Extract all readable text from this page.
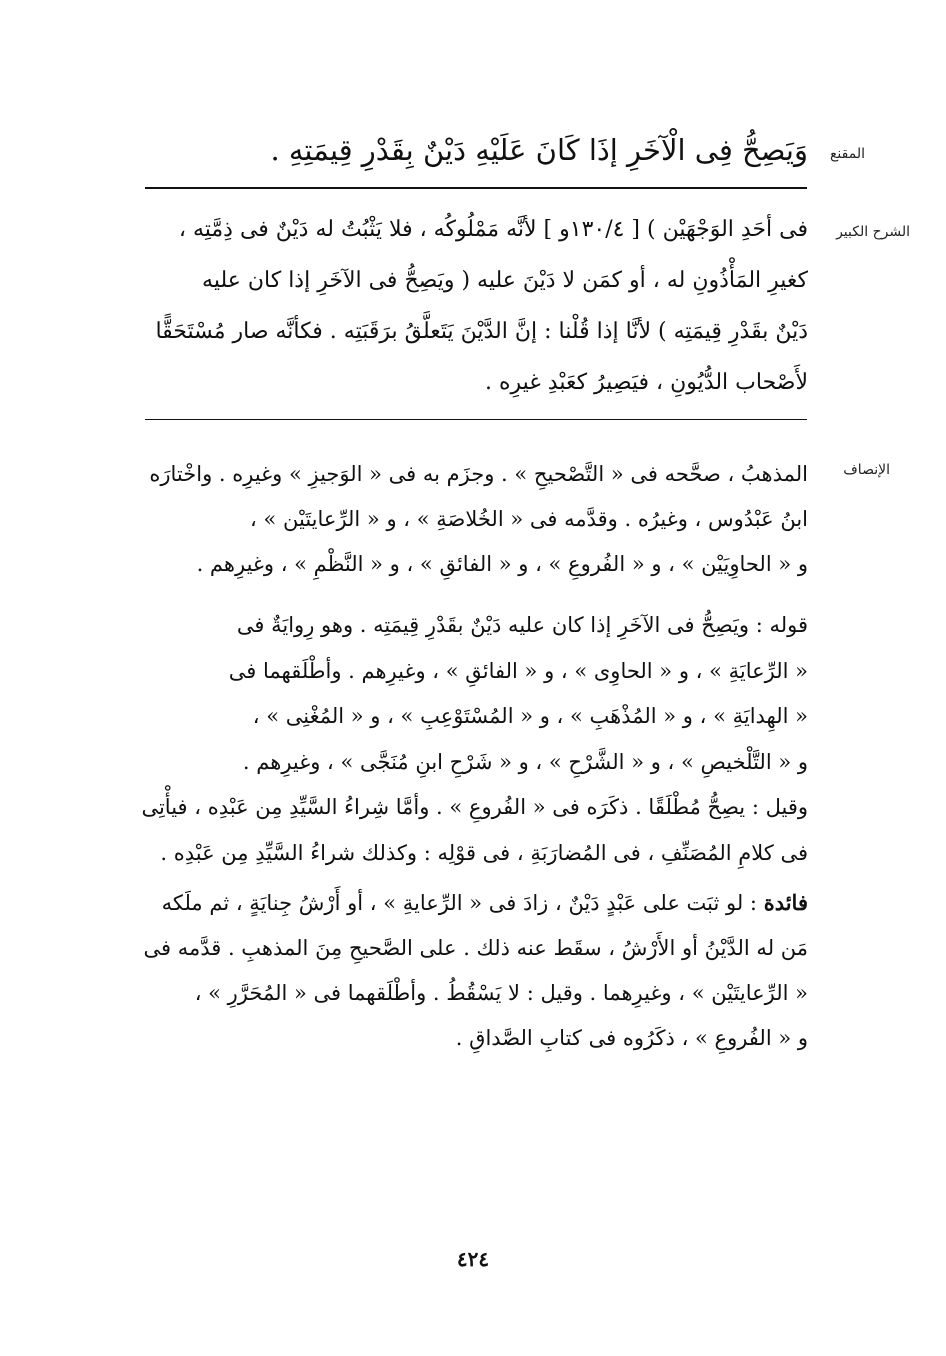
المقنع
الشرح الكبير
الإنصاف
وَيَصِحُّ فِى الْآخَرِ إذَا كَانَ عَلَيْهِ دَيْنٌ بِقَدْرِ قِيمَتِهِ .
فى أحَدِ الوَجْهَيْن ) [ ١٣٠/٤و ] لأنَّه مَمْلُوكُه ، فلا يَثْبُتُ له دَيْنٌ فى ذِمَّتِه ،
كغيرِ المَأْذُونِ له ، أو كمَن لا دَيْنَ عليه ( ويَصِحُّ فى الآخَرِ إذا كان عليه
دَيْنٌ بقَدْرِ قِيمَتِه ) لأنَّا إذا قُلْنا : إنَّ الدَّيْنَ يَتَعلَّقُ برَقَبَتِه . فكأنَّه صار مُسْتَحَقًّا
لأَصْحاب الدُّيُونِ ، فيَصِيرُ كعَبْدِ غيرِه .
المذهبُ ، صحَّحه فى « التَّصْحيحِ » . وجزَم به فى « الوَجيزِ » وغيرِه . واخْتارَه
ابنُ عَبْدُوس ، وغيرُه . وقدَّمه فى « الخُلاصَةِ » ، و « الرِّعايتَيْن » ،
و « الحاوِيَيْن » ، و « الفُروعِ » ، و « الفائقِ » ، و « النَّظْمِ » ، وغيرِهم .
قوله : ويَصِحُّ فى الآخَرِ إذا كان عليه دَيْنٌ بقَدْرِ قِيمَتِه . وهو رِوايَةٌ فى
« الرِّعايَةِ » ، و « الحاوِى » ، و « الفائقِ » ، وغيرِهم . وأطْلَقهما فى
« الهِدايَةِ » ، و « المُذْهَبِ » ، و « المُسْتَوْعِبِ » ، و « المُغْنِى » ،
و « التَّلْخيصِ » ، و « الشَّرْحِ » ، و « شَرْحِ ابنِ مُنَجَّى » ، وغيرِهم .
وقيل : يصِحُّ مُطْلَقًا . ذكَرَه فى « الفُروعِ » . وأمَّا شِراءُ السَّيِّدِ مِن عَبْدِه ، فيأْتِى
فى كلامِ المُصَنِّفِ ، فى المُضارَبَةِ ، فى قوْلِه : وكذلك شراءُ السَّيِّدِ مِن عَبْدِه .
فائدة : لو ثبَت على عَبْدٍ دَيْنٌ ، زادَ فى « الرِّعايةِ » ، أو أَرْشُ جِنايَةٍ ، ثم ملَكه
مَن له الدَّيْنُ أو الأَرْشُ ، سقَط عنه ذلك . على الصَّحيحِ مِنَ المذهبِ . قدَّمه فى
« الرِّعايتَيْن » ، وغيرِهما . وقيل : لا يَسْقُطُ . وأطْلَقهما فى « المُحَرَّرِ » ،
و « الفُروعِ » ، ذكَرُوه فى كتابِ الصَّداقِ .
٤٢٤
